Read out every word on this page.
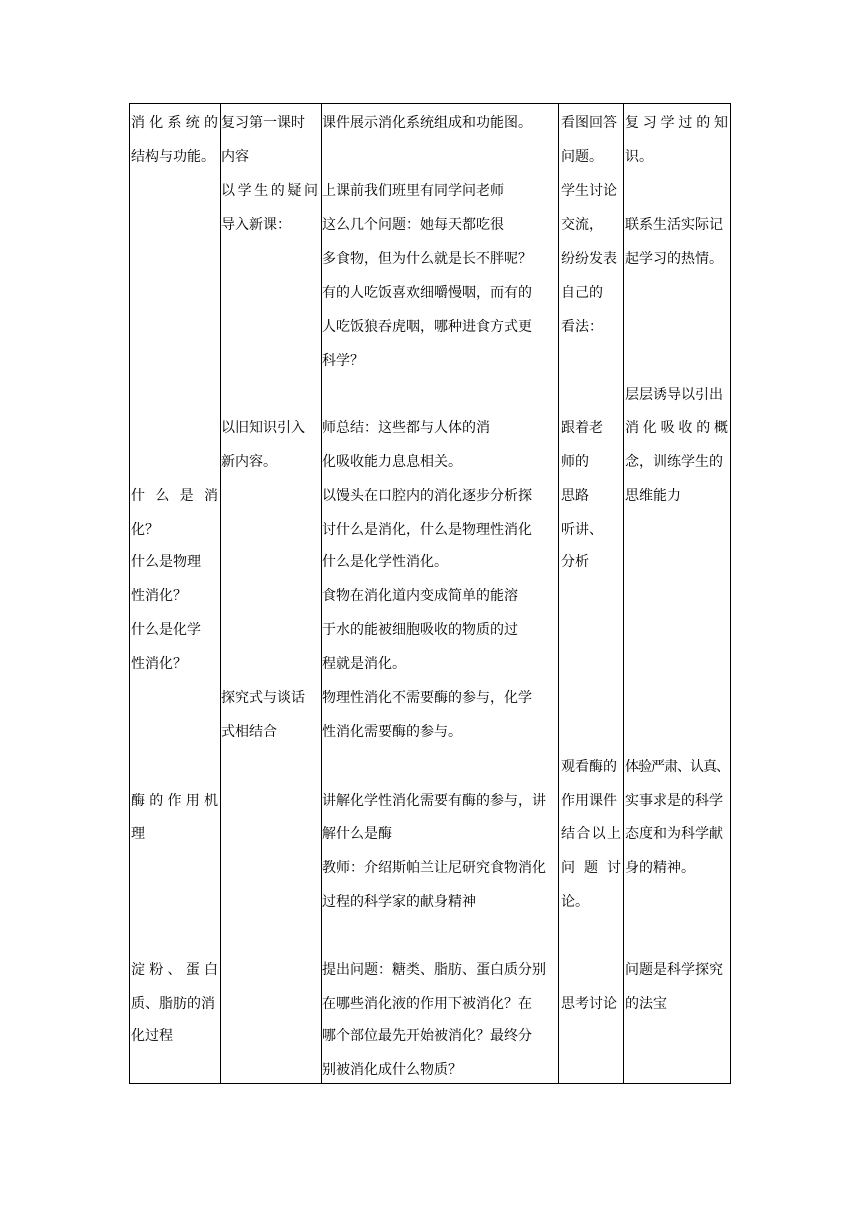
消 化 系 统 的
结构与功能。
什 么 是 消
化？
什么是物理
性消化？
什么是化学
性消化？
酶 的 作 用 机
理
淀 粉 、 蛋 白
质、脂肪的消
化过程
复习第一课时
内容
以 学 生 的 疑 问
导入新课：
以旧知识引入
新内容。
探究式与谈话
式相结合
课件展示消化系统组成和功能图。
上课前我们班里有同学问老师
这么几个问题：她每天都吃很
多食物，但为什么就是长不胖呢？
有的人吃饭喜欢细嚼慢咽，而有的
人吃饭狼吞虎咽，哪种进食方式更
科学？
师总结：这些都与人体的消
化吸收能力息息相关。
以馒头在口腔内的消化逐步分析探
讨什么是消化，什么是物理性消化
什么是化学性消化。
食物在消化道内变成简单的能溶
于水的能被细胞吸收的物质的过
程就是消化。
物理性消化不需要酶的参与，化学
性消化需要酶的参与。
讲解化学性消化需要有酶的参与，讲
解什么是酶
教师：介绍斯帕兰让尼研究食物消化
过程的科学家的献身精神
提出问题：糖类、脂肪、蛋白质分别
在哪些消化液的作用下被消化？在
哪个部位最先开始被消化？最终分
别被消化成什么物质？
看图回答
问题。
学生讨论
交流，
纷纷发表
自己的
看法：
跟着老
师的
思路
听讲、
分析
观看酶的
作用课件
结 合 以 上
问 题 讨
论。
思考讨论
复 习 学 过 的 知
识。
联系生活实际记
起学习的热情。
层层诱导以引出
消 化 吸 收 的 概
念，训练学生的
思维能力
体验严肃、认真、
实事求是的科学
态度和为科学献
身的精神。
问题是科学探究
的法宝
